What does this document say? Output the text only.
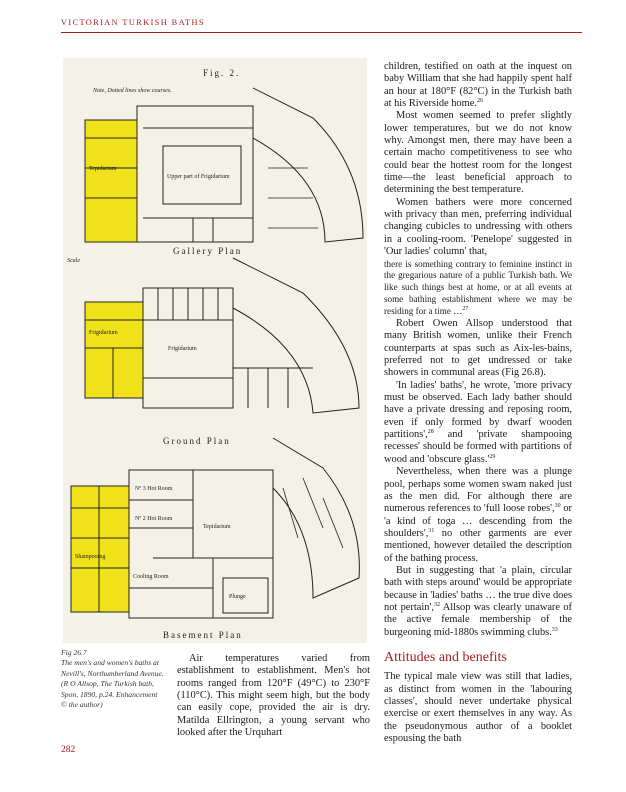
VICTORIAN TURKISH BATHS
Fig. 2.
Note, Dotted lines show courses.
Upper part of Frigidarium
Tepidarium
Gallery Plan
Scale
Frigidarium
Frigidarium
Ground Plan
Nº 3 Hot Room
Nº 2 Hot Room
Tepidarium
Plunge
Cooling Room
Shampooing
Basement Plan
Fig 26.7
The men's and women's baths at Nevill's, Northumberland Avenue. (R O Allsop, The Turkish bath, Spon, 1890, p.24. Enhancement © the author)

Air temperatures varied from establishment to establishment. Men's hot rooms ranged from 120°F (49°C) to 230°F (110°C). This might seem high, but the body can easily cope, provided the air is dry. Matilda Ellrington, a young servant who looked after the Urquhart

children, testified on oath at the inquest on baby William that she had happily spent half an hour at 180°F (82°C) in the Turkish bath at his Riverside home.$^{26}$

Most women seemed to prefer slightly lower temperatures, but we do not know why. Amongst men, there may have been a certain macho competitiveness to see who could bear the hottest room for the longest time—the least beneficial approach to determining the best temperature.

Women bathers were more concerned with privacy than men, preferring individual changing cubicles to undressing with others in a cooling-room. 'Penelope' suggested in 'Our ladies' column' that,

there is something contrary to feminine instinct in the gregarious nature of a public Turkish bath. We like such things best at home, or at all events at some bathing establishment where we may be residing for a time …$^{27}$

Robert Owen Allsop understood that many British women, unlike their French counterparts at spas such as Aix-les-bains, preferred not to get undressed or take showers in communal areas (Fig 26.8).

'In ladies' baths', he wrote, 'more privacy must be observed. Each lady bather should have a private dressing and reposing room, even if only formed by dwarf wooden partitions',$^{28}$ and 'private shampooing recesses' should be formed with partitions of wood and 'obscure $glass.'^{29}$

Nevertheless, when there was a plunge pool, perhaps some women swam naked just as the men did. For although there are numerous references to 'full loose robes',$^{30}$ or 'a kind of toga … descending from the shoulders',$^{31}$ no other garments are ever mentioned, however detailed the description of the bathing process.

But in suggesting that 'a plain, circular bath with steps around' would be appropriate because in 'ladies' baths … the true dive does not pertain',$^{32}$ Allsop was clearly unaware of the active female membership of the burgeoning mid-1880s swimming clubs.$^{33}$

Attitudes and benefits

The typical male view was still that ladies, as distinct from women in the 'labouring classes', should never undertake physical exercise or exert themselves in any way. As the pseudonymous author of a booklet espousing the bath

282
